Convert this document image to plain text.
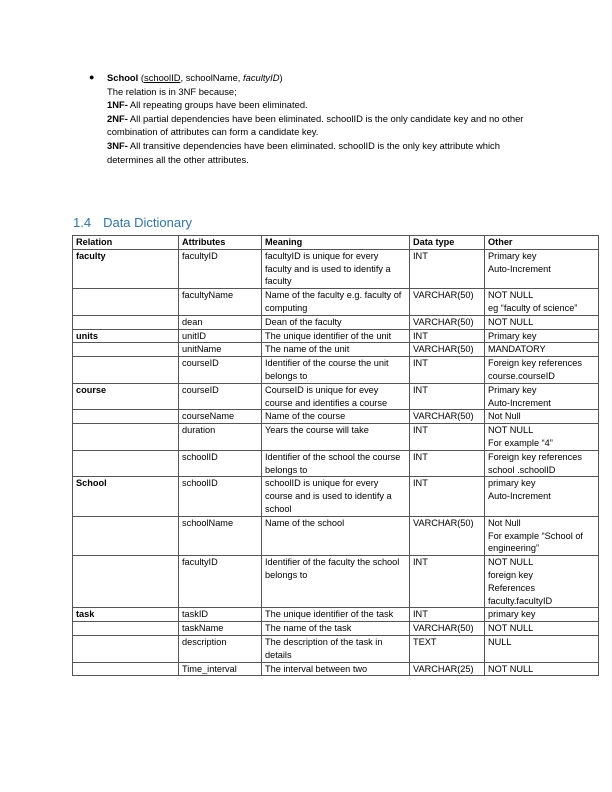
● School (schoolID, schoolName, facultyID)

The relation is in 3NF because;

1NF- All repeating groups have been eliminated.

2NF- All partial dependencies have been eliminated. schoolID is the only candidate key and no other combination of attributes can form a candidate key.

3NF- All transitive dependencies have been eliminated. schoolID is the only key attribute which determines all the other attributes.

1.4 Data Dictionary
Relation	Attributes	Meaning	Data type	Other
faculty	facultyID	facultyID is unique for every faculty and is used to identify a faculty	INT	Primary key
Auto-Increment

	facultyName	Name of the faculty e.g. faculty of computing	VARCHAR(50)	NOT NULL
eg “faculty of science”

	dean	Dean of the faculty	VARCHAR(50)	NOT NULL

units	unitID	The unique identifier of the unit	INT	Primary key

	unitName	The name of the unit	VARCHAR(50)	MANDATORY

	courseID	Identifier of the course the unit belongs to	INT	Foreign key references course.courseID

course	courseID	CourseID is unique for evey course and identifies a course	INT	Primary key
Auto-Increment

	courseName	Name of the course	VARCHAR(50)	Not Null

	duration	Years the course will take	INT	NOT NULL
For example “4”

	schoolID	Identifier of the school the course belongs to	INT	Foreign key references school .schoolID

School	schoolID	schoolID is unique for every course and is used to identify a school	INT	primary key
Auto-Increment

	schoolName	Name of the school	VARCHAR(50)	Not Null
For example “School of engineering”

	facultyID	Identifier of the faculty the school belongs to	INT	NOT NULL
foreign key
References faculty.facultyID

task	taskID	The unique identifier of the task	INT	primary key

	taskName	The name of the task	VARCHAR(50)	NOT NULL

	description	The description of the task in details	TEXT	NULL

	Time_interval	The interval between two	VARCHAR(25)	NOT NULL
